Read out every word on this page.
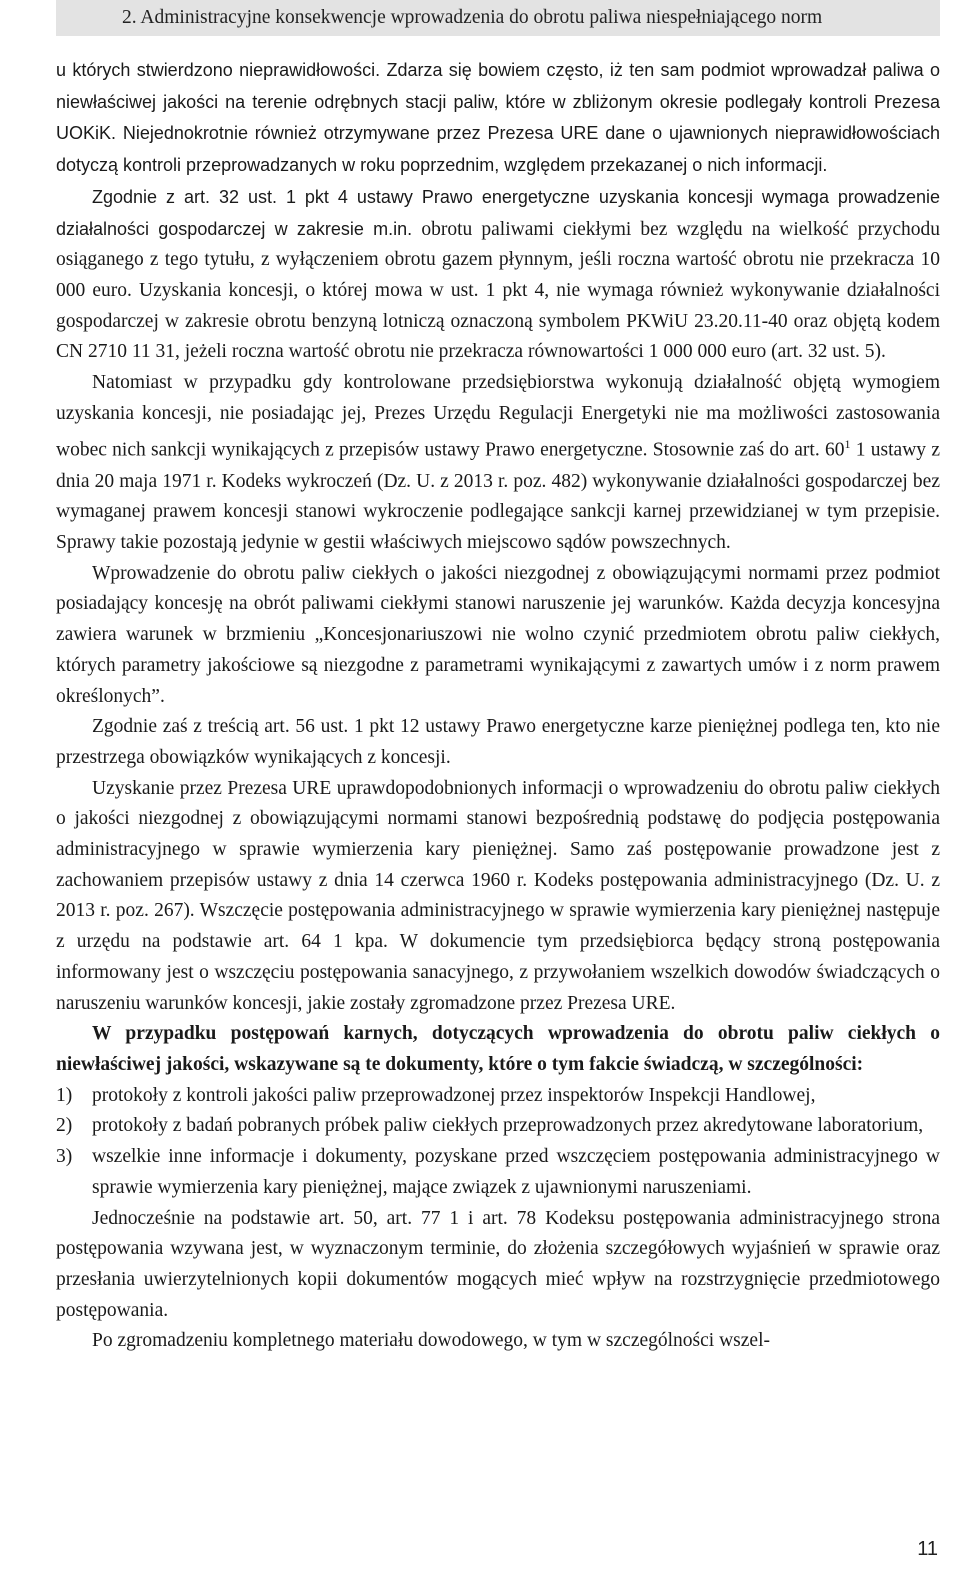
2. Administracyjne konsekwencje wprowadzenia do obrotu paliwa niespełniającego norm

u których stwierdzono nieprawidłowości. Zdarza się bowiem często, iż ten sam podmiot wprowadzał paliwa o niewłaściwej jakości na terenie odrębnych stacji paliw, które w zbliżonym okresie podlegały kontroli Prezesa UOKiK. Niejednokrotnie również otrzymywane przez Prezesa URE dane o ujawnionych nieprawidłowościach dotyczą kontroli przeprowadzanych w roku poprzednim, względem przekazanej o nich informacji.

Zgodnie z art. 32 ust. 1 pkt 4 ustawy Prawo energetyczne uzyskania koncesji wymaga prowadzenie działalności gospodarczej w zakresie m.in. obrotu paliwami ciekłymi bez względu na wielkość przychodu osiąganego z tego tytułu, z wyłączeniem obrotu gazem płynnym, jeśli roczna wartość obrotu nie przekracza 10 000 euro. Uzyskania koncesji, o której mowa w ust. 1 pkt 4, nie wymaga również wykonywanie działalności gospodarczej w zakresie obrotu benzyną lotniczą oznaczoną symbolem PKWiU 23.20.11-40 oraz objętą kodem CN 2710 11 31, jeżeli roczna wartość obrotu nie przekracza równowartości 1 000 000 euro (art. 32 ust. 5).

Natomiast w przypadku gdy kontrolowane przedsiębiorstwa wykonują działalność objętą wymogiem uzyskania koncesji, nie posiadając jej, Prezes Urzędu Regulacji Energetyki nie ma możliwości zastosowania wobec nich sankcji wynikających z przepisów ustawy Prawo energetyczne. Stosownie zaś do art. $60^1$ 1 ustawy z dnia 20 maja 1971 r. Kodeks wykroczeń (Dz. U. z 2013 r. poz. 482) wykonywanie działalności gospodarczej bez wymaganej prawem koncesji stanowi wykroczenie podlegające sankcji karnej przewidzianej w tym przepisie. Sprawy takie pozostają jedynie w gestii właściwych miejscowo sądów powszechnych.

Wprowadzenie do obrotu paliw ciekłych o jakości niezgodnej z obowiązującymi normami przez podmiot posiadający koncesję na obrót paliwami ciekłymi stanowi naruszenie jej warunków. Każda decyzja koncesyjna zawiera warunek w brzmieniu „Koncesjonariuszowi nie wolno czynić przedmiotem obrotu paliw ciekłych, których parametry jakościowe są niezgodne z parametrami wynikającymi z zawartych umów i z norm prawem określonych”.

Zgodnie zaś z treścią art. 56 ust. 1 pkt 12 ustawy Prawo energetyczne karze pieniężnej podlega ten, kto nie przestrzega obowiązków wynikających z koncesji.

Uzyskanie przez Prezesa URE uprawdopodobnionych informacji o wprowadzeniu do obrotu paliw ciekłych o jakości niezgodnej z obowiązującymi normami stanowi bezpośrednią podstawę do podjęcia postępowania administracyjnego w sprawie wymierzenia kary pieniężnej. Samo zaś postępowanie prowadzone jest z zachowaniem przepisów ustawy z dnia 14 czerwca 1960 r. Kodeks postępowania administracyjnego (Dz. U. z 2013 r. poz. 267). Wszczęcie postępowania administracyjnego w sprawie wymierzenia kary pieniężnej następuje z urzędu na podstawie art. 64 1 kpa. W dokumencie tym przedsiębiorca będący stroną postępowania informowany jest o wszczęciu postępowania sanacyjnego, z przywołaniem wszelkich dowodów świadczących o naruszeniu warunków koncesji, jakie zostały zgromadzone przez Prezesa URE.

W przypadku postępowań karnych, dotyczących wprowadzenia do obrotu paliw ciekłych o niewłaściwej jakości, wskazywane są te dokumenty, które o tym fakcie świadczą, w szczególności:

1) protokoły z kontroli jakości paliw przeprowadzonej przez inspektorów Inspekcji Handlowej,
2) protokoły z badań pobranych próbek paliw ciekłych przeprowadzonych przez akredytowane laboratorium,
3) wszelkie inne informacje i dokumenty, pozyskane przed wszczęciem postępowania administracyjnego w sprawie wymierzenia kary pieniężnej, mające związek z ujawnionymi naruszeniami.

Jednocześnie na podstawie art. 50, art. 77 1 i art. 78 Kodeksu postępowania administracyjnego strona postępowania wzywana jest, w wyznaczonym terminie, do złożenia szczegółowych wyjaśnień w sprawie oraz przesłania uwierzytelnionych kopii dokumentów mogących mieć wpływ na rozstrzygnięcie przedmiotowego postępowania.

Po zgromadzeniu kompletnego materiału dowodowego, w tym w szczególności wszel-

11
